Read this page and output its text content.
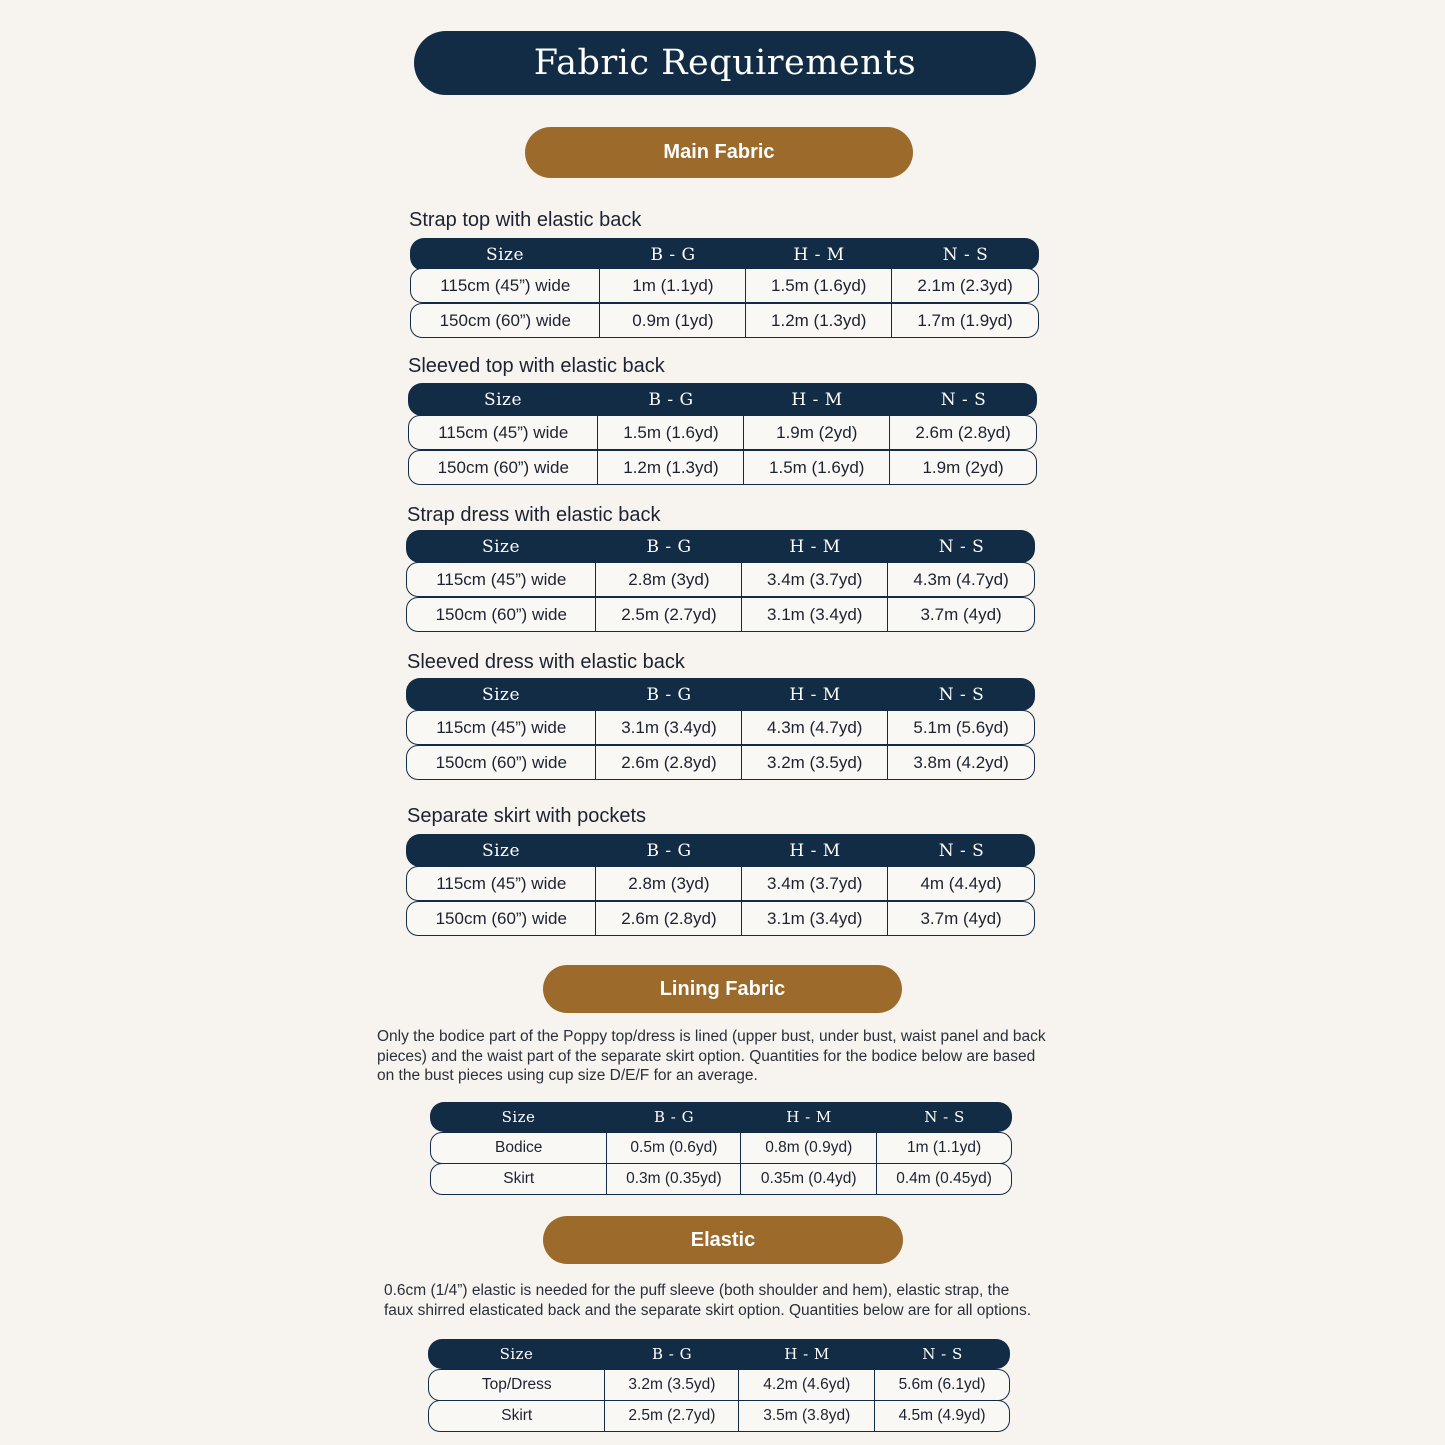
Fabric Requirements
Main Fabric
Strap top with elastic back
Size	B - G	H - M	N - S
115cm (45”) wide	1m (1.1yd)	1.5m (1.6yd)	2.1m (2.3yd)
150cm (60”) wide	0.9m (1yd)	1.2m (1.3yd)	1.7m (1.9yd)
Sleeved top with elastic back
Size	B - G	H - M	N - S
115cm (45”) wide	1.5m (1.6yd)	1.9m (2yd)	2.6m (2.8yd)
150cm (60”) wide	1.2m (1.3yd)	1.5m (1.6yd)	1.9m (2yd)
Strap dress with elastic back
Size	B - G	H - M	N - S
115cm (45”) wide	2.8m (3yd)	3.4m (3.7yd)	4.3m (4.7yd)
150cm (60”) wide	2.5m (2.7yd)	3.1m (3.4yd)	3.7m (4yd)
Sleeved dress with elastic back
Size	B - G	H - M	N - S
115cm (45”) wide	3.1m (3.4yd)	4.3m (4.7yd)	5.1m (5.6yd)
150cm (60”) wide	2.6m (2.8yd)	3.2m (3.5yd)	3.8m (4.2yd)
Separate skirt with pockets
Size	B - G	H - M	N - S
115cm (45”) wide	2.8m (3yd)	3.4m (3.7yd)	4m (4.4yd)
150cm (60”) wide	2.6m (2.8yd)	3.1m (3.4yd)	3.7m (4yd)
Lining Fabric
Only the bodice part of the Poppy top/dress is lined (upper bust, under bust, waist panel and back
pieces) and the waist part of the separate skirt option. Quantities for the bodice below are based
on the bust pieces using cup size D/E/F for an average.
Size	B - G	H - M	N - S
Bodice	0.5m (0.6yd)	0.8m (0.9yd)	1m (1.1yd)
Skirt	0.3m (0.35yd)	0.35m (0.4yd)	0.4m (0.45yd)
Elastic
0.6cm (1/4”) elastic is needed for the puff sleeve (both shoulder and hem), elastic strap, the
faux shirred elasticated back and the separate skirt option. Quantities below are for all options.
Size	B - G	H - M	N - S
Top/Dress	3.2m (3.5yd)	4.2m (4.6yd)	5.6m (6.1yd)
Skirt	2.5m (2.7yd)	3.5m (3.8yd)	4.5m (4.9yd)
